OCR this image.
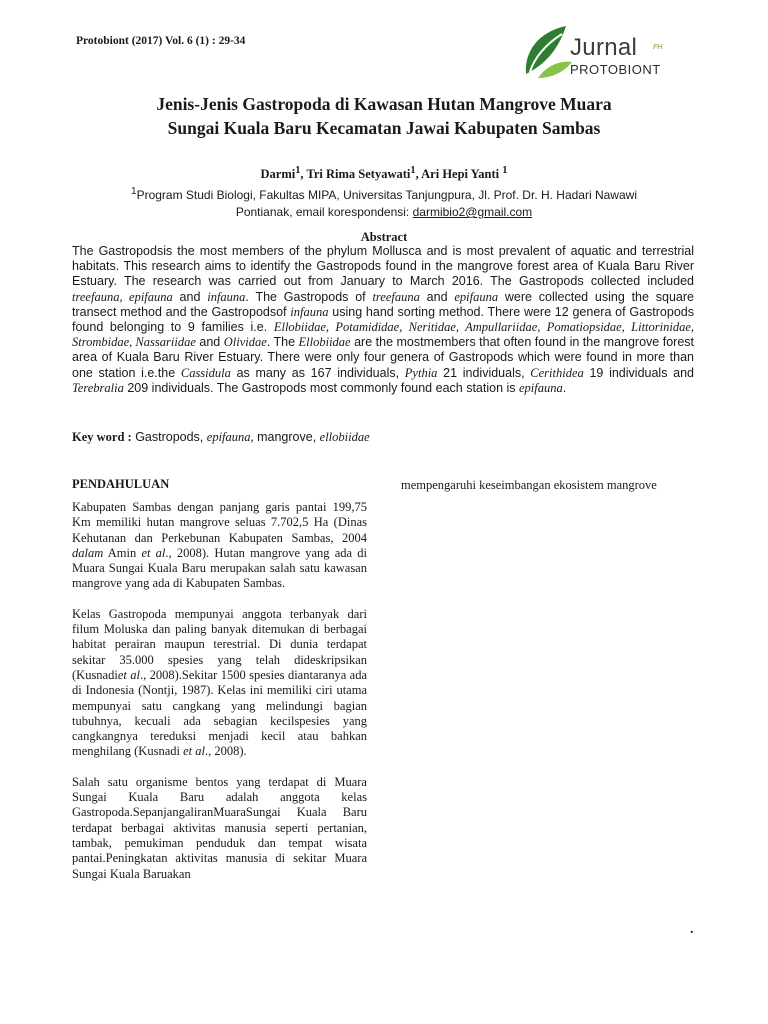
Protobiont (2017) Vol. 6 (1) : 29-34	Jurnal FH
PROTOBIONT
Jenis-Jenis Gastropoda di Kawasan Hutan Mangrove Muara
Sungai Kuala Baru Kecamatan Jawai Kabupaten Sambas
Darmi$^1$, Tri Rima Setyawati$^1$, Ari Hepi Yanti $^1$
$^1$Program Studi Biologi, Fakultas MIPA, Universitas Tanjungpura, Jl. Prof. Dr. H. Hadari Nawawi
Pontianak, email korespondensi: darmibio2@gmail.com
Abstract
The Gastropodsis the most members of the phylum Mollusca and is most prevalent of aquatic and terrestrial habitats. This research aims to identify the Gastropods found in the mangrove forest area of Kuala Baru River Estuary. The research was carried out from January to March 2016. The Gastropods collected included treefauna, epifauna and infauna. The Gastropods of treefauna and epifauna were collected using the square transect method and the Gastropodsof infauna using hand sorting method. There were 12 genera of Gastropods found belonging to 9 families i.e. Ellobiidae, Potamididae, Neritidae, Ampullariidae, Pomatiopsidae, Littorinidae, Strombidae, Nassariidae and Olividae. The Ellobiidae are the mostmembers that often found in the mangrove forest area of Kuala Baru River Estuary. There were only four genera of Gastropods which were found in more than one station i.e.the Cassidula as many as 167 individuals, Pythia 21 individuals, Cerithidea 19 individuals and Terebralia 209 individuals. The Gastropods most commonly found each station is epifauna.
Key word : Gastropods, epifauna, mangrove, ellobiidae
PENDAHULUAN

Kabupaten Sambas dengan panjang garis pantai 199,75 Km memiliki hutan mangrove seluas 7.702,5 Ha (Dinas Kehutanan dan Perkebunan Kabupaten Sambas, 2004 dalam Amin et al., 2008). Hutan mangrove yang ada di Muara Sungai Kuala Baru merupakan salah satu kawasan mangrove yang ada di Kabupaten Sambas.

Kelas Gastropoda mempunyai anggota terbanyak dari filum Moluska dan paling banyak ditemukan di berbagai habitat perairan maupun terestrial. Di dunia terdapat sekitar 35.000 spesies yang telah dideskripsikan (Kusnadiet al., 2008).Sekitar 1500 spesies diantaranya ada di Indonesia (Nontji, 1987). Kelas ini memiliki ciri utama mempunyai satu cangkang yang melindungi bagian tubuhnya, kecuali ada sebagian kecilspesies yang cangkangnya tereduksi menjadi kecil atau bahkan menghilang (Kusnadi et al., 2008).

Salah satu organisme bentos yang terdapat di Muara Sungai Kuala Baru adalah anggota kelas Gastropoda.SepanjangaliranMuaraSungai Kuala Baru terdapat berbagai aktivitas manusia seperti pertanian, tambak, pemukiman penduduk dan tempat wisata pantai.Peningkatan aktivitas manusia di sekitar Muara Sungai Kuala Baruakan

mempengaruhi keseimbangan ekosistem mangrove
.
